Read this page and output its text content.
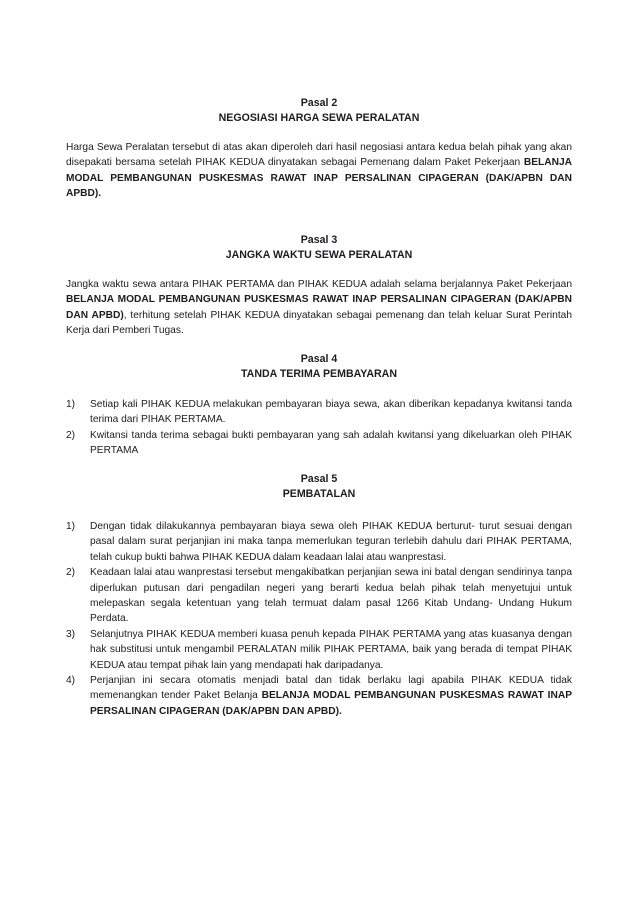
Pasal 2
NEGOSIASI HARGA SEWA PERALATAN

Harga Sewa Peralatan tersebut di atas akan diperoleh dari hasil negosiasi antara kedua belah pihak yang akan disepakati bersama setelah PIHAK KEDUA dinyatakan sebagai Pemenang dalam Paket Pekerjaan BELANJA MODAL PEMBANGUNAN PUSKESMAS RAWAT INAP PERSALINAN CIPAGERAN (DAK/APBN DAN APBD).

Pasal 3
JANGKA WAKTU SEWA PERALATAN

Jangka waktu sewa antara PIHAK PERTAMA dan PIHAK KEDUA adalah selama berjalannya Paket Pekerjaan BELANJA MODAL PEMBANGUNAN PUSKESMAS RAWAT INAP PERSALINAN CIPAGERAN (DAK/APBN DAN APBD), terhitung setelah PIHAK KEDUA dinyatakan sebagai pemenang dan telah keluar Surat Perintah Kerja dari Pemberi Tugas.

Pasal 4
TANDA TERIMA PEMBAYARAN
1) Setiap kali PIHAK KEDUA melakukan pembayaran biaya sewa, akan diberikan kepadanya kwitansi tanda terima dari PIHAK PERTAMA.
2) Kwitansi tanda terima sebagai bukti pembayaran yang sah adalah kwitansi yang dikeluarkan oleh PIHAK PERTAMA
Pasal 5
PEMBATALAN
1) Dengan tidak dilakukannya pembayaran biaya sewa oleh PIHAK KEDUA berturut- turut sesuai dengan pasal dalam surat perjanjian ini maka tanpa memerlukan teguran terlebih dahulu dari PIHAK PERTAMA, telah cukup bukti bahwa PIHAK KEDUA dalam keadaan lalai atau wanprestasi.
2) Keadaan lalai atau wanprestasi tersebut mengakibatkan perjanjian sewa ini batal dengan sendirinya tanpa diperlukan putusan dari pengadilan negeri yang berarti kedua belah pihak telah menyetujui untuk melepaskan segala ketentuan yang telah termuat dalam pasal 1266 Kitab Undang- Undang Hukum Perdata.
3) Selanjutnya PIHAK KEDUA memberi kuasa penuh kepada PIHAK PERTAMA yang atas kuasanya dengan hak substitusi untuk mengambil PERALATAN milik PIHAK PERTAMA, baik yang berada di tempat PIHAK KEDUA atau tempat pihak lain yang mendapati hak daripadanya.
4) Perjanjian ini secara otomatis menjadi batal dan tidak berlaku lagi apabila PIHAK KEDUA tidak memenangkan tender Paket Belanja BELANJA MODAL PEMBANGUNAN PUSKESMAS RAWAT INAP PERSALINAN CIPAGERAN (DAK/APBN DAN APBD).
